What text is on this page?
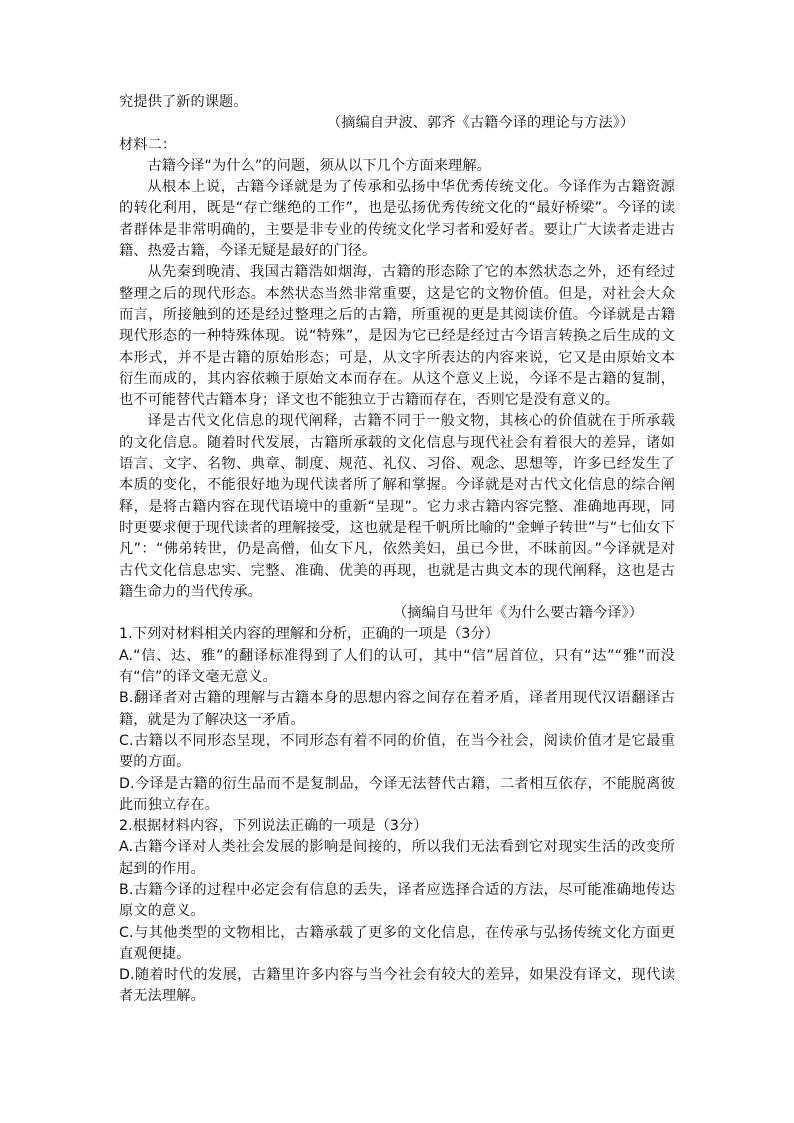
究提供了新的课题。

（摘编自尹波、郭齐《古籍今译的理论与方法》）

材料二：

古籍今译“为什么”的问题，须从以下几个方面来理解。

从根本上说，古籍今译就是为了传承和弘扬中华优秀传统文化。今译作为古籍资源的转化利用，既是“存亡继绝的工作”，也是弘扬优秀传统文化的“最好桥梁”。今译的读者群体是非常明确的，主要是非专业的传统文化学习者和爱好者。要让广大读者走进古籍、热爱古籍，今译无疑是最好的门径。

从先秦到晚清、我国古籍浩如烟海，古籍的形态除了它的本然状态之外，还有经过整理之后的现代形态。本然状态当然非常重要，这是它的文物价值。但是，对社会大众而言，所接触到的还是经过整理之后的古籍，所重视的更是其阅读价值。今译就是古籍现代形态的一种特殊体现。说“特殊”，是因为它已经是经过古今语言转换之后生成的文本形式，并不是古籍的原始形态；可是，从文字所表达的内容来说，它又是由原始文本衍生而成的，其内容依赖于原始文本而存在。从这个意义上说，今译不是古籍的复制，也不可能替代古籍本身；译文也不能独立于古籍而存在，否则它是没有意义的。

译是古代文化信息的现代阐释，古籍不同于一般文物，其核心的价值就在于所承载的文化信息。随着时代发展，古籍所承载的文化信息与现代社会有着很大的差异，诸如语言、文字、名物、典章、制度、规范、礼仪、习俗、观念、思想等，许多已经发生了本质的变化，不能很好地为现代读者所了解和掌握。今译就是对古代文化信息的综合阐释，是将古籍内容在现代语境中的重新“呈现”。它力求古籍内容完整、准确地再现，同时更要求便于现代读者的理解接受，这也就是程千帆所比喻的“金蝉子转世”与“七仙女下凡”：“佛弟转世，仍是高僧，仙女下凡，依然美妇，虽已今世，不昧前因。”今译就是对古代文化信息忠实、完整、准确、优美的再现，也就是古典文本的现代阐释，这也是古籍生命力的当代传承。

（摘编自马世年《为什么要古籍今译》）

1.下列对材料相关内容的理解和分析，正确的一项是（3分）

A.“信、达、雅”的翻译标准得到了人们的认可，其中“信”居首位，只有“达”“雅”而没有“信”的译文毫无意义。

B.翻译者对古籍的理解与古籍本身的思想内容之间存在着矛盾，译者用现代汉语翻译古籍，就是为了解决这一矛盾。

C.古籍以不同形态呈现，不同形态有着不同的价值，在当今社会，阅读价值才是它最重要的方面。

D.今译是古籍的衍生品而不是复制品，今译无法替代古籍，二者相互依存，不能脱离彼此而独立存在。

2.根据材料内容，下列说法正确的一项是（3分）

A.古籍今译对人类社会发展的影响是间接的，所以我们无法看到它对现实生活的改变所起到的作用。

B.古籍今译的过程中必定会有信息的丢失，译者应选择合适的方法，尽可能准确地传达原文的意义。

C.与其他类型的文物相比，古籍承载了更多的文化信息，在传承与弘扬传统文化方面更直观便捷。

D.随着时代的发展，古籍里许多内容与当今社会有较大的差异，如果没有译文，现代读者无法理解。
